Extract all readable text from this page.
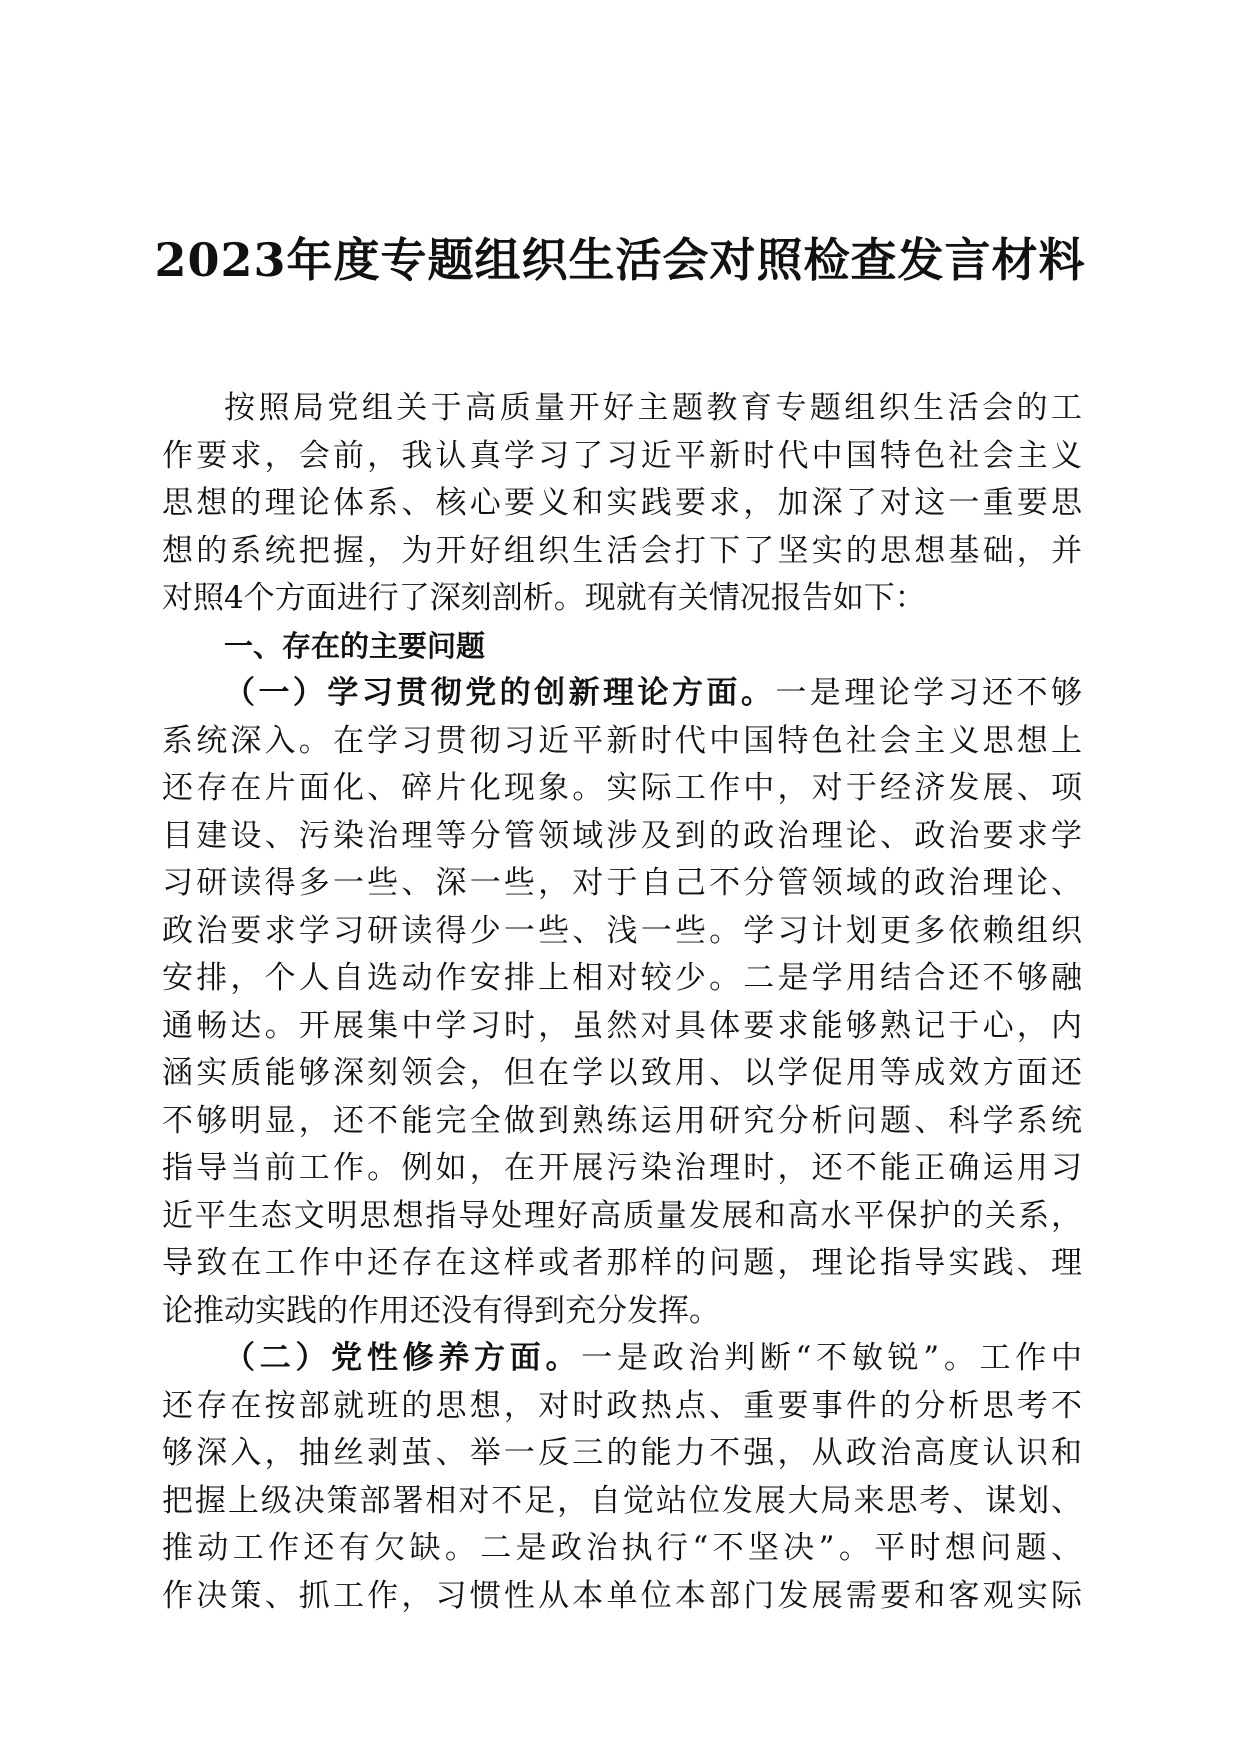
2023年度专题组织生活会对照检查发言材料
按照局党组关于高质量开好主题教育专题组织生活会的工
作要求，会前，我认真学习了习近平新时代中国特色社会主义
思想的理论体系、核心要义和实践要求，加深了对这一重要思
想的系统把握，为开好组织生活会打下了坚实的思想基础，并
对照4个方面进行了深刻剖析。现就有关情况报告如下：
一、存在的主要问题
（一）学习贯彻党的创新理论方面。一是理论学习还不够
系统深入。在学习贯彻习近平新时代中国特色社会主义思想上
还存在片面化、碎片化现象。实际工作中，对于经济发展、项
目建设、污染治理等分管领域涉及到的政治理论、政治要求学
习研读得多一些、深一些，对于自己不分管领域的政治理论、
政治要求学习研读得少一些、浅一些。学习计划更多依赖组织
安排，个人自选动作安排上相对较少。二是学用结合还不够融
通畅达。开展集中学习时，虽然对具体要求能够熟记于心，内
涵实质能够深刻领会，但在学以致用、以学促用等成效方面还
不够明显，还不能完全做到熟练运用研究分析问题、科学系统
指导当前工作。例如，在开展污染治理时，还不能正确运用习
近平生态文明思想指导处理好高质量发展和高水平保护的关系，
导致在工作中还存在这样或者那样的问题，理论指导实践、理
论推动实践的作用还没有得到充分发挥。
（二）党性修养方面。一是政治判断“不敏锐”。工作中
还存在按部就班的思想，对时政热点、重要事件的分析思考不
够深入，抽丝剥茧、举一反三的能力不强，从政治高度认识和
把握上级决策部署相对不足，自觉站位发展大局来思考、谋划、
推动工作还有欠缺。二是政治执行“不坚决”。平时想问题、
作决策、抓工作，习惯性从本单位本部门发展需要和客观实际
